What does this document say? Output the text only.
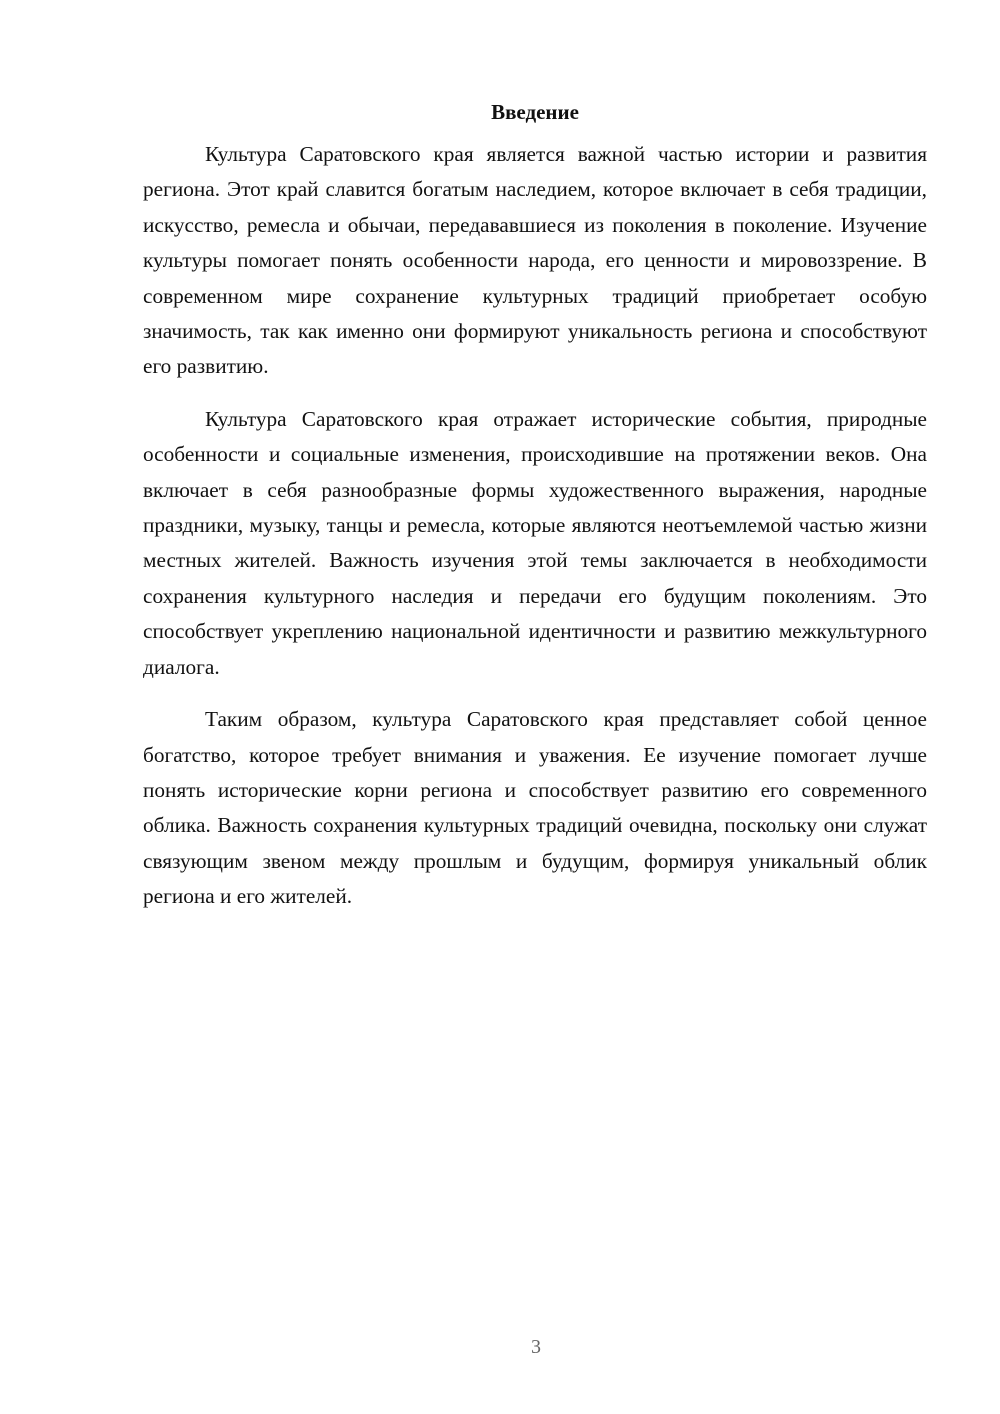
Введение

Культура Саратовского края является важной частью истории и развития региона. Этот край славится богатым наследием, которое включает в себя традиции, искусство, ремесла и обычаи, передававшиеся из поколения в поколение. Изучение культуры помогает понять особенности народа, его ценности и мировоззрение. В современном мире сохранение культурных традиций приобретает особую значимость, так как именно они формируют уникальность региона и способствуют его развитию.

Культура Саратовского края отражает исторические события, природные особенности и социальные изменения, происходившие на протяжении веков. Она включает в себя разнообразные формы художественного выражения, народные праздники, музыку, танцы и ремесла, которые являются неотъемлемой частью жизни местных жителей. Важность изучения этой темы заключается в необходимости сохранения культурного наследия и передачи его будущим поколениям. Это способствует укреплению национальной идентичности и развитию межкультурного диалога.

Таким образом, культура Саратовского края представляет собой ценное богатство, которое требует внимания и уважения. Ее изучение помогает лучше понять исторические корни региона и способствует развитию его современного облика. Важность сохранения культурных традиций очевидна, поскольку они служат связующим звеном между прошлым и будущим, формируя уникальный облик региона и его жителей.

3
